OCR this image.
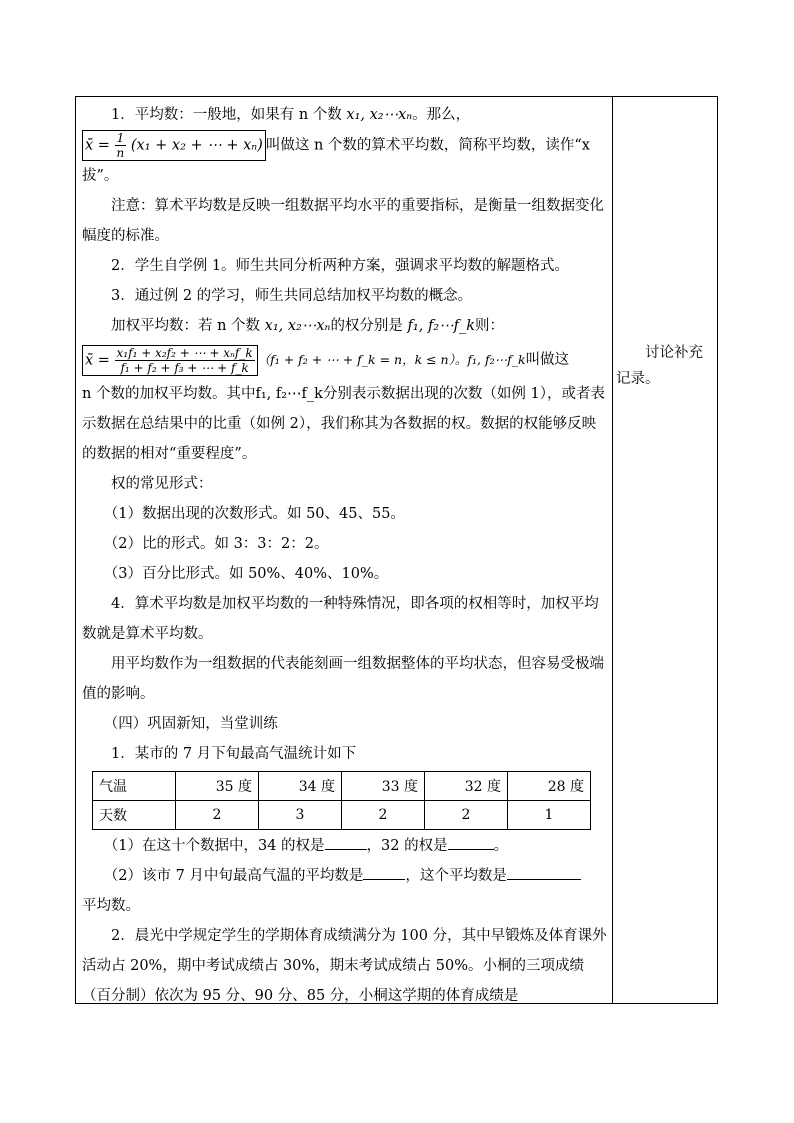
1．平均数：一般地，如果有 n 个数 x₁, x₂⋯xₙ。那么，

x̄ = $\frac{1}{n} (x_1 + x_2$ + ⋯ + xₙ) 叫做这 n 个数的算术平均数，简称平均数，读作“x

拔”。

注意：算术平均数是反映一组数据平均水平的重要指标，是衡量一组数据变化幅度的标准。

2．学生自学例 1。师生共同分析两种方案，强调求平均数的解题格式。

3．通过例 2 的学习，师生共同总结加权平均数的概念。

加权平均数：若 n 个数 x₁, x₂⋯xₙ的权分别是 f₁, f₂⋯f_k则：

x̄ = $\frac{\text{x₁f₁ + x₂f₂ + ⋯ + xₙf\_k}}{\text{f₁ + f₂ + f₃ + ⋯ + f\_k}} (f_1 + f_2$ + ⋯ + f_k = n，k ≤ n）。f₁, f₂⋯f_k叫做这

n 个数的加权平均数。其中f₁, f₂⋯f_k分别表示数据出现的次数（如例 1），或者表示数据在总结果中的比重（如例 2），我们称其为各数据的权。数据的权能够反映的数据的相对“重要程度”。

权的常见形式：

（1）数据出现的次数形式。如 50、45、55。

（2）比的形式。如 3：3：2：2。

（3）百分比形式。如 50%、40%、10%。

4．算术平均数是加权平均数的一种特殊情况，即各项的权相等时，加权平均数就是算术平均数。

用平均数作为一组数据的代表能刻画一组数据整体的平均状态，但容易受极端值的影响。

（四）巩固新知，当堂训练

1．某市的 7 月下旬最高气温统计如下

（1）在这十个数据中，34 的权是	，32 的权是	。

（2）该市 7 月中旬最高气温的平均数是	，这个平均数是

平均数。

2．晨光中学规定学生的学期体育成绩满分为 100 分，其中早锻炼及体育课外活动占 20%，期中考试成绩占 30%，期末考试成绩占 50%。小桐的三项成绩（百分制）依次为 95 分、90 分、85 分，小桐这学期的体育成绩是

气温	35 度	34 度	33 度	32 度	28 度
天数	2	3	2	2	1

讨论补充记录。
